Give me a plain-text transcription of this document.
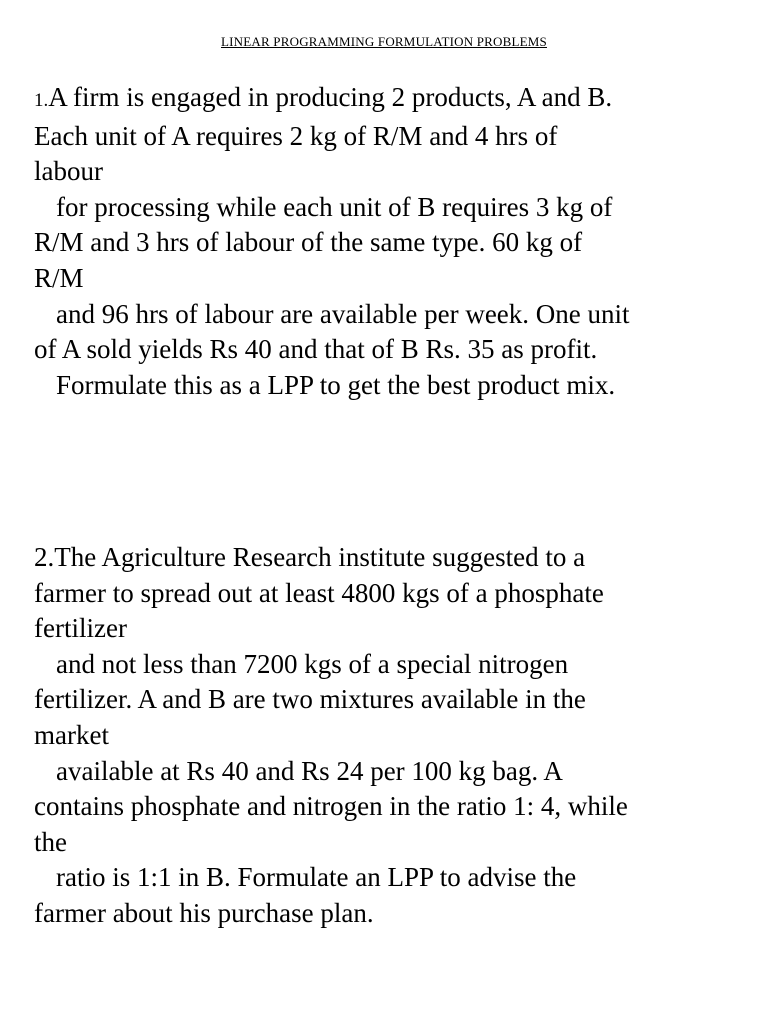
LINEAR PROGRAMMING FORMULATION PROBLEMS
1.A firm is engaged in producing 2 products, A and B.
Each unit of A requires 2 kg of R/M and 4 hrs of
labour
for processing while each unit of B requires 3 kg of
R/M and 3 hrs of labour of the same type. 60 kg of
R/M
and 96 hrs of labour are available per week. One unit
of A sold yields Rs 40 and that of B Rs. 35 as profit.
Formulate this as a LPP to get the best product mix.
2.The Agriculture Research institute suggested to a
farmer to spread out at least 4800 kgs of a phosphate
fertilizer
and not less than 7200 kgs of a special nitrogen
fertilizer. A and B are two mixtures available in the
market
available at Rs 40 and Rs 24 per 100 kg bag. A
contains phosphate and nitrogen in the ratio 1: 4, while
the
ratio is 1:1 in B. Formulate an LPP to advise the
farmer about his purchase plan.
